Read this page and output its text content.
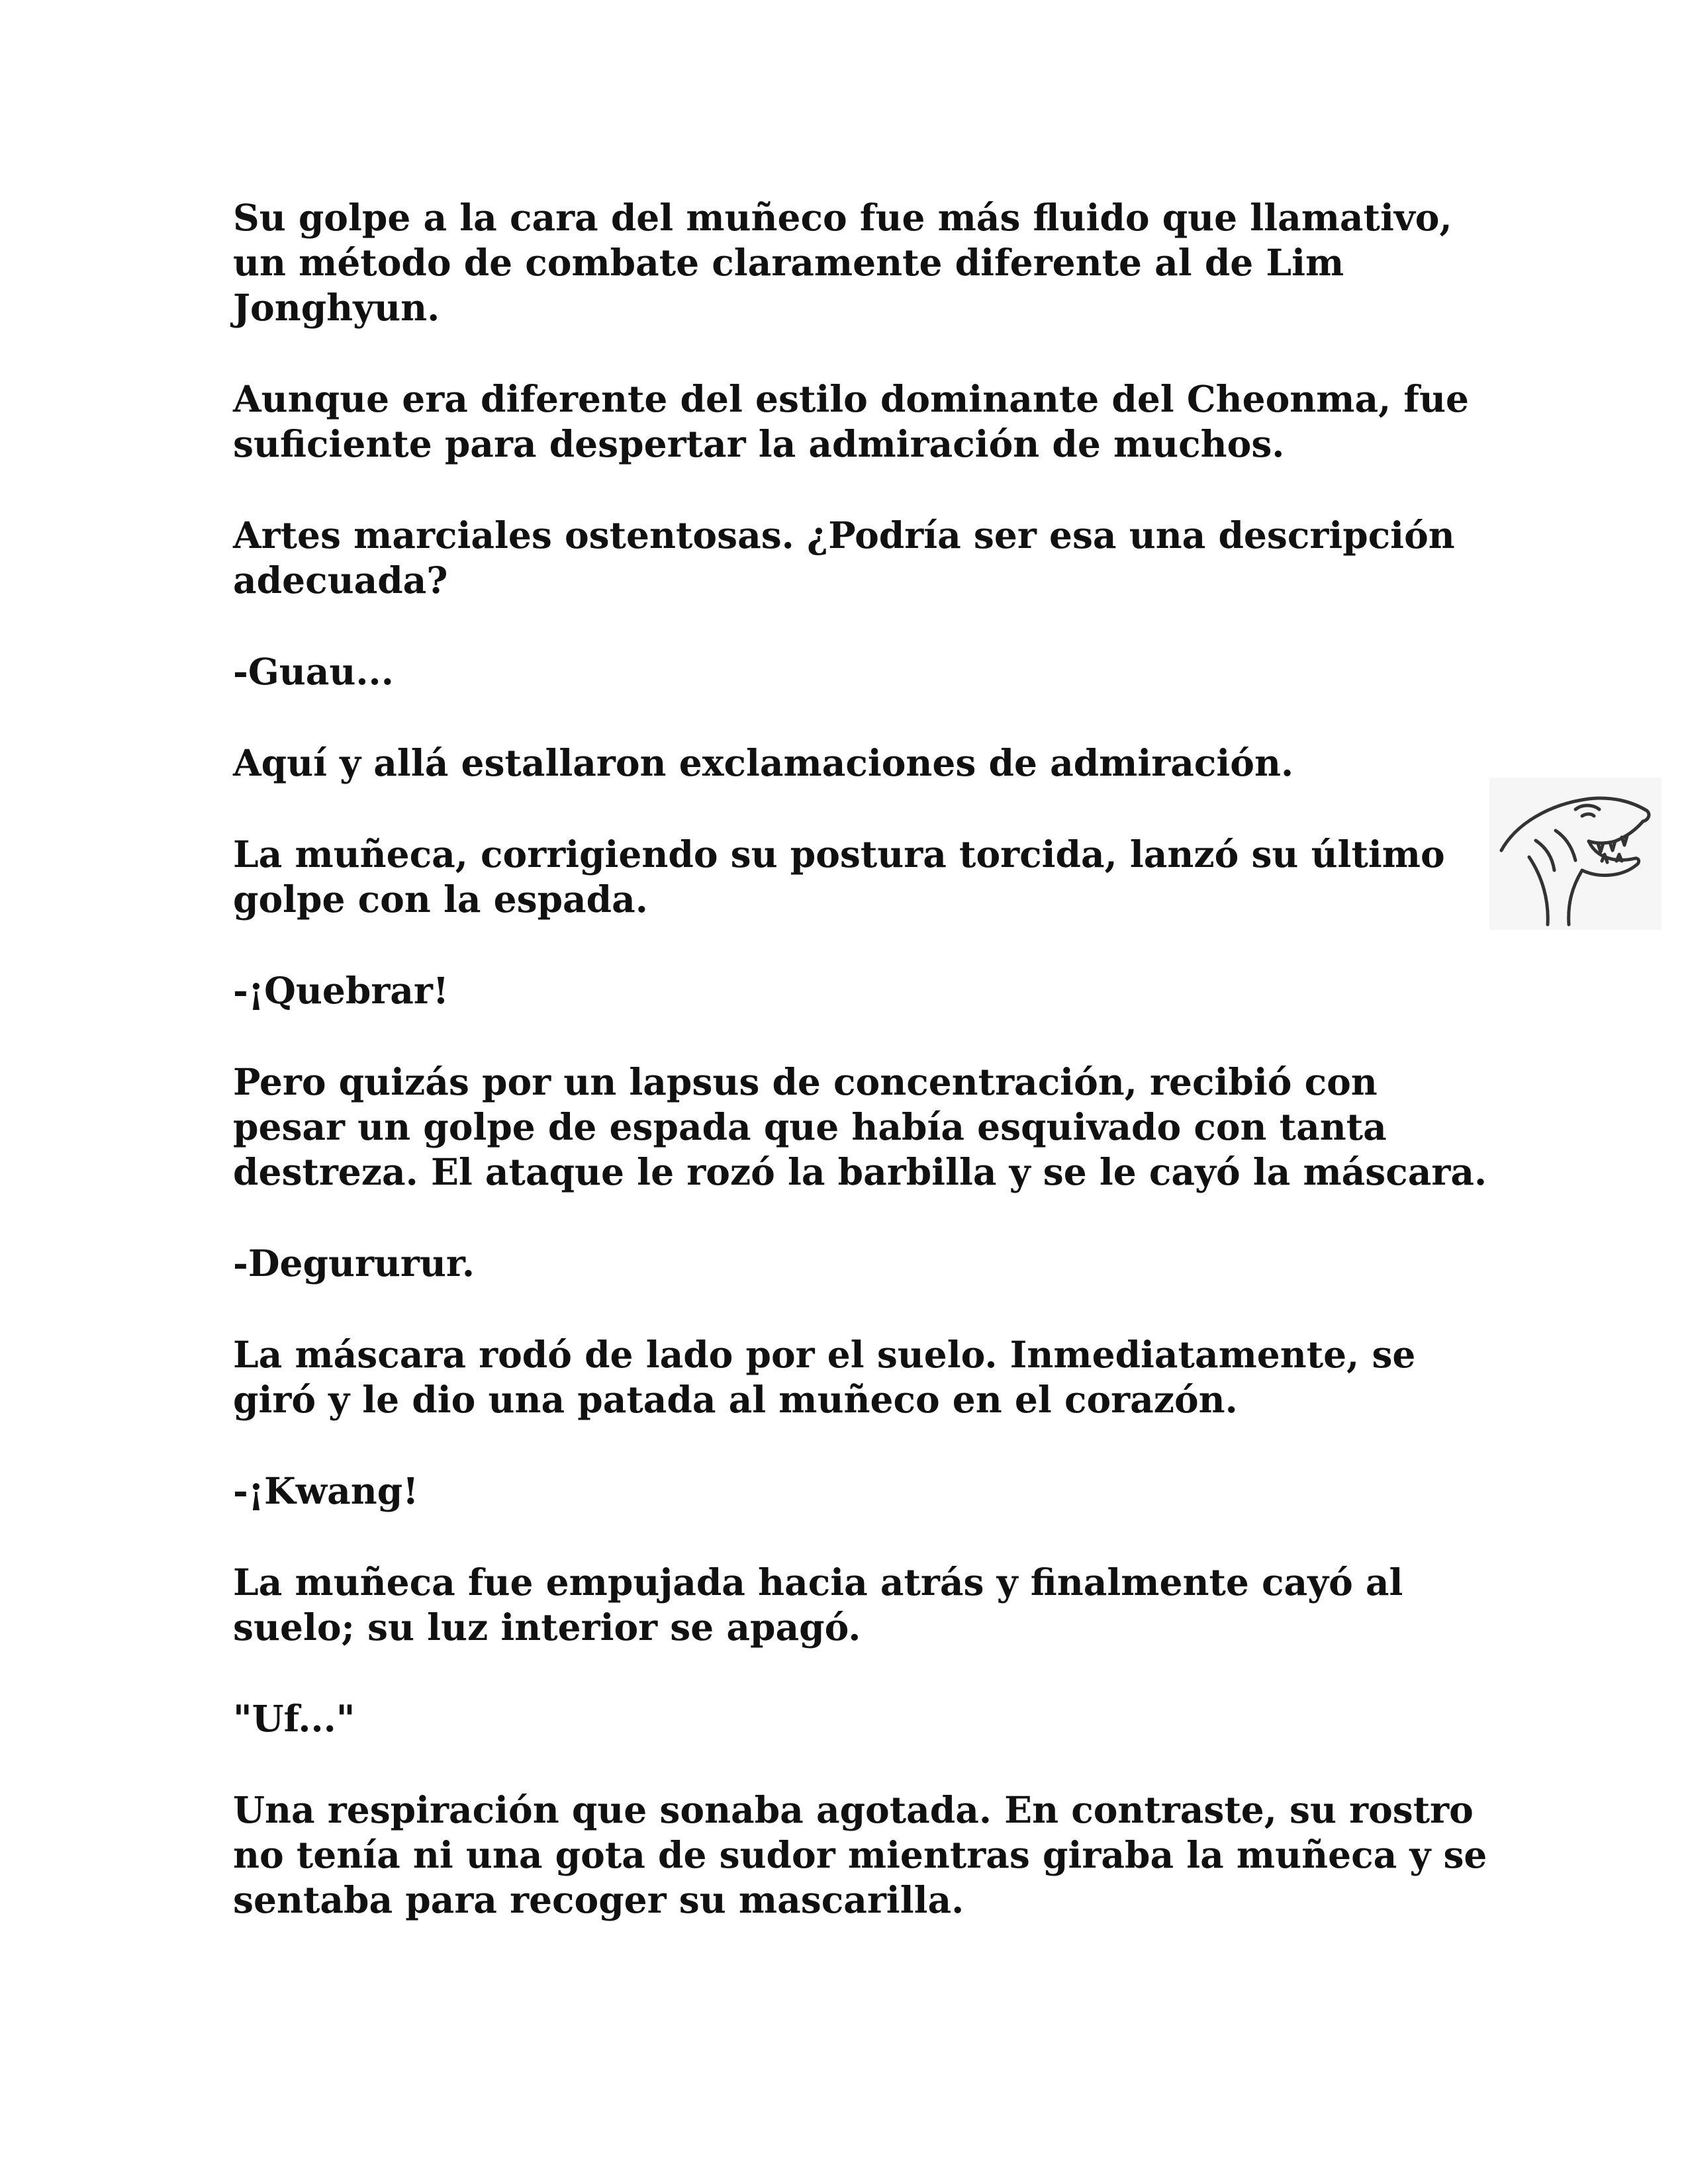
Su golpe a la cara del muñeco fue más fluido que llamativo,
un método de combate claramente diferente al de Lim
Jonghyun.

Aunque era diferente del estilo dominante del Cheonma, fue
suficiente para despertar la admiración de muchos.

Artes marciales ostentosas. ¿Podría ser esa una descripción
adecuada?

-Guau...

Aquí y allá estallaron exclamaciones de admiración.

La muñeca, corrigiendo su postura torcida, lanzó su último
golpe con la espada.

-¡Quebrar!

Pero quizás por un lapsus de concentración, recibió con
pesar un golpe de espada que había esquivado con tanta
destreza. El ataque le rozó la barbilla y se le cayó la máscara.

-Degururur.

La máscara rodó de lado por el suelo. Inmediatamente, se
giró y le dio una patada al muñeco en el corazón.

-¡Kwang!

La muñeca fue empujada hacia atrás y finalmente cayó al
suelo; su luz interior se apagó.

"Uf..."

Una respiración que sonaba agotada. En contraste, su rostro
no tenía ni una gota de sudor mientras giraba la muñeca y se
sentaba para recoger su mascarilla.
